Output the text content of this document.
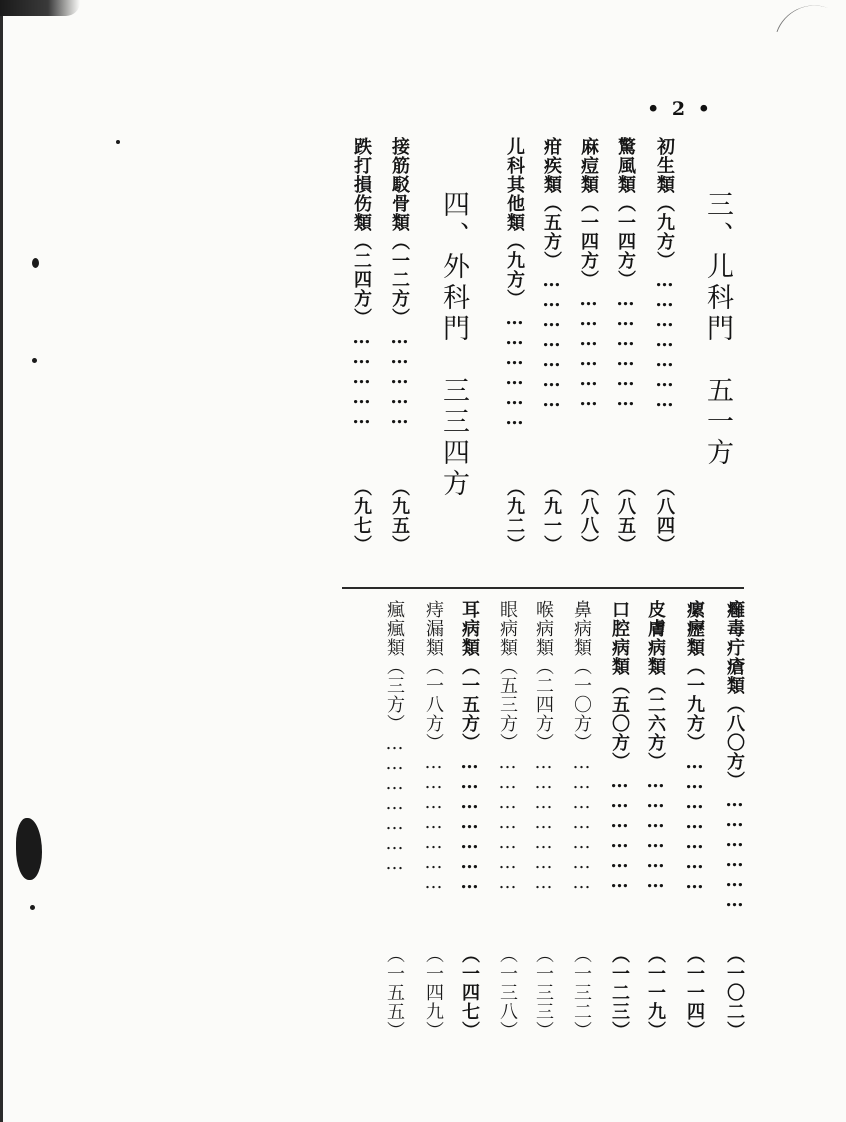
• 2 •
三、儿科門　五一方
初生類
（九方）
…………………
（八四）
驚風類
（一四方）
………………
（八五）
麻痘類
（一四方）
………………
（八八）
疳疾類
（五方）
…………………
（九一）
儿科其他類
（九方）
………………
（九二）
四、外科門　三三四方
接筋駁骨類
（一二方）
……………
（九五）
跌打損伤類
（二四方）
……………
（九七）
癰毒疔瘡類
（八〇方）
………………
（一〇二）
瘰癧類
（一九方）
…………………
（一一四）
皮膚病類
（二六方）
………………
（一一九）
口腔病類
（五〇方）
………………
（一二三）
鼻病類
（一〇方）
…………………
（一三二）
喉病類
（二四方）
…………………
（一三三）
眼病類
（五三方）
…………………
（一三八）
耳病類
（一五方）
…………………
（一四七）
痔漏類
（一八方）
…………………
（一四九）
瘋瘋類
（三方）
…………………
（一五五）
